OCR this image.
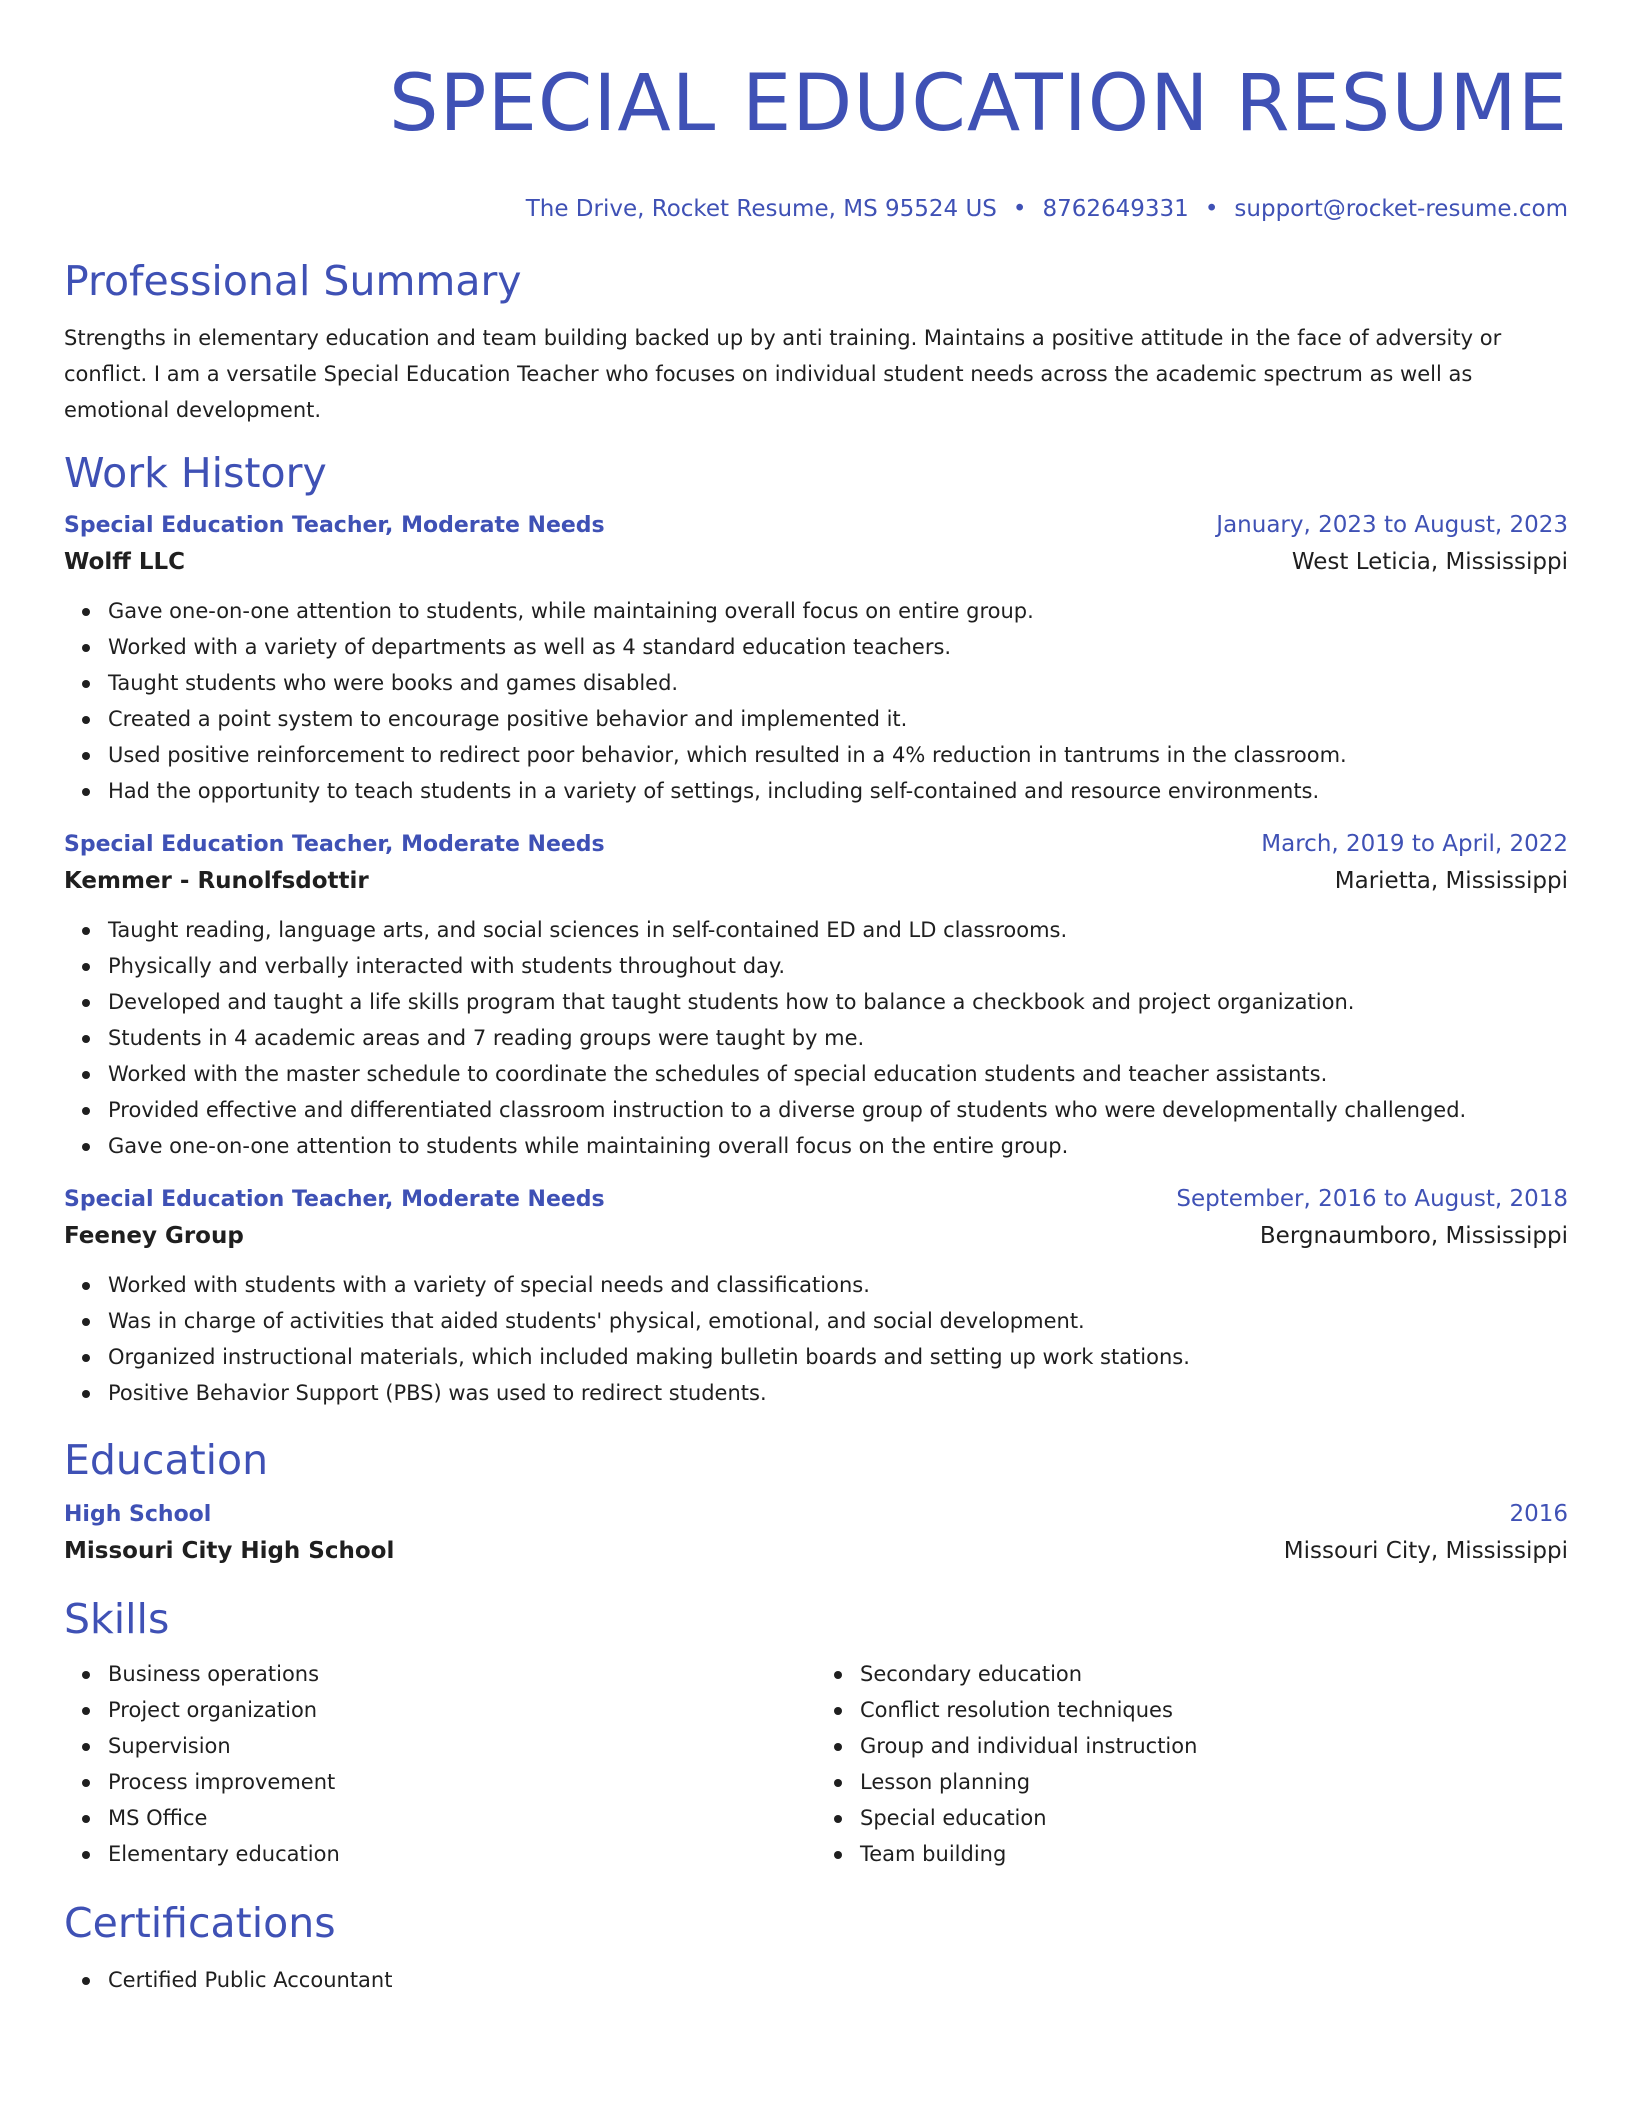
SPECIAL EDUCATION RESUME
The Drive, Rocket Resume, MS 95524 US • 8762649331 • support@rocket-resume.com
Professional Summary
Strengths in elementary education and team building backed up by anti training. Maintains a positive attitude in the face of adversity or conflict. I am a versatile Special Education Teacher who focuses on individual student needs across the academic spectrum as well as emotional development.
Work History
Special Education Teacher, Moderate Needs	January, 2023 to August, 2023
Wolff LLC	West Leticia, Mississippi
Gave one-on-one attention to students, while maintaining overall focus on entire group.
Worked with a variety of departments as well as 4 standard education teachers.
Taught students who were books and games disabled.
Created a point system to encourage positive behavior and implemented it.
Used positive reinforcement to redirect poor behavior, which resulted in a 4% reduction in tantrums in the classroom.
Had the opportunity to teach students in a variety of settings, including self-contained and resource environments.
Special Education Teacher, Moderate Needs	March, 2019 to April, 2022
Kemmer - Runolfsdottir	Marietta, Mississippi
Taught reading, language arts, and social sciences in self-contained ED and LD classrooms.
Physically and verbally interacted with students throughout day.
Developed and taught a life skills program that taught students how to balance a checkbook and project organization.
Students in 4 academic areas and 7 reading groups were taught by me.
Worked with the master schedule to coordinate the schedules of special education students and teacher assistants.
Provided effective and differentiated classroom instruction to a diverse group of students who were developmentally challenged.
Gave one-on-one attention to students while maintaining overall focus on the entire group.
Special Education Teacher, Moderate Needs	September, 2016 to August, 2018
Feeney Group	Bergnaumboro, Mississippi
Worked with students with a variety of special needs and classifications.
Was in charge of activities that aided students' physical, emotional, and social development.
Organized instructional materials, which included making bulletin boards and setting up work stations.
Positive Behavior Support (PBS) was used to redirect students.
Education
High School	2016
Missouri City High School	Missouri City, Mississippi
Skills
Business operations
Project organization
Supervision
Process improvement
MS Office
Elementary education
Secondary education
Conflict resolution techniques
Group and individual instruction
Lesson planning
Special education
Team building
Certifications
Certified Public Accountant
